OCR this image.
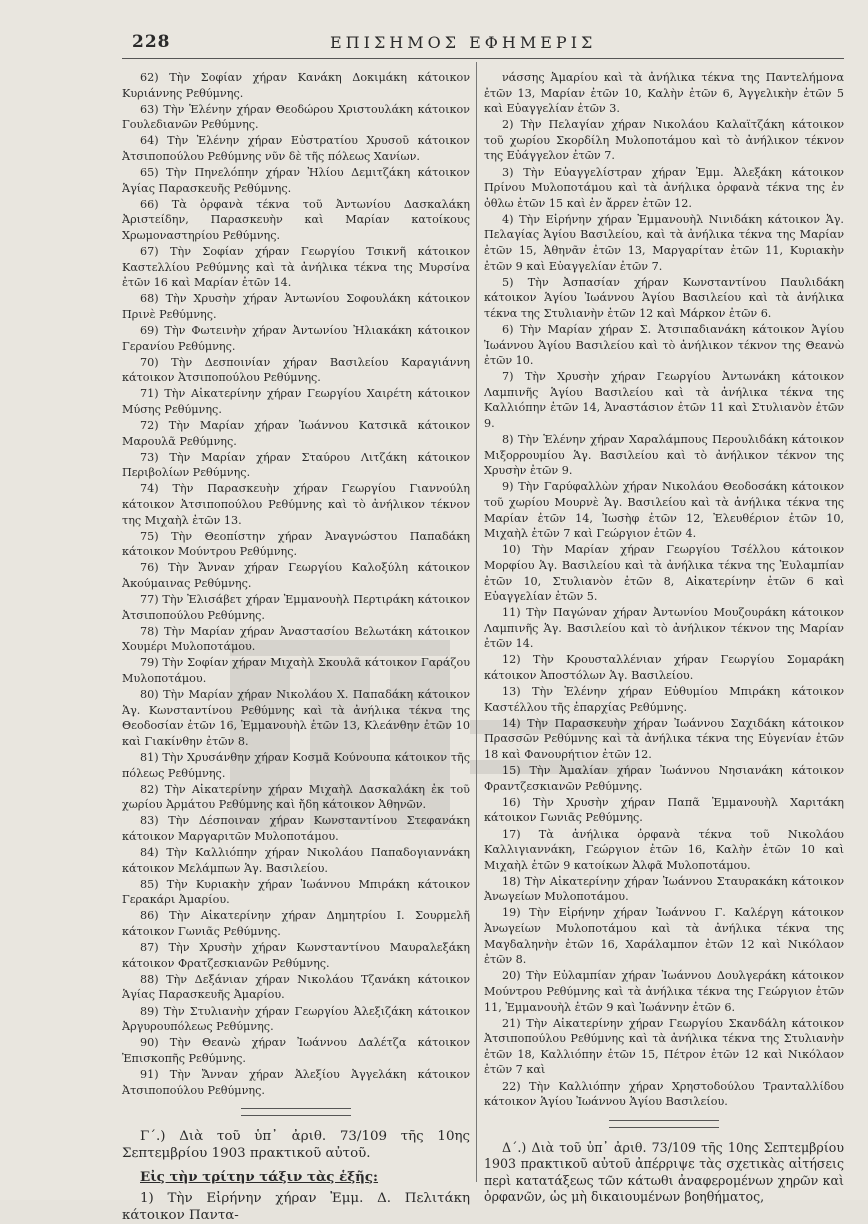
228	ΕΠΙΣΗΜΟΣ ΕΦΗΜΕΡΙΣ

62) Τὴν Σοφίαν χήραν Κανάκη Δοκιμάκη κάτοικον Κυριάννης Ρεθύμνης.

63) Τὴν Ἑλένην χήραν Θεοδώρου Χριστουλάκη κάτοικον Γουλεδιανῶν Ρεθύμνης.

64) Τὴν Ἑλένην χήραν Εὐστρατίου Χρυσοῦ κάτοικον Ἀτσιποπούλου Ρεθύμνης νῦν δὲ τῆς πόλεως Χανίων.

65) Τὴν Πηνελόπην χήραν Ἠλίου Δεμιτζάκη κάτοικον Ἁγίας Παρασκευῆς Ρεθύμνης.

66) Τὰ ὀρφανὰ τέκνα τοῦ Ἀντωνίου Δασκαλάκη Ἀριστείδην, Παρασκευὴν καὶ Μαρίαν κατοίκους Χρωμοναστηρίου Ρεθύμνης.

67) Τὴν Σοφίαν χήραν Γεωργίου Τσικνῆ κάτοικον Καστελλίου Ρεθύμνης καὶ τὰ ἀνήλικα τέκνα της Μυρσίνα ἐτῶν 16 καὶ Μαρίαν ἐτῶν 14.

68) Τὴν Χρυσὴν χήραν Ἀντωνίου Σοφουλάκη κάτοικον Πρινὲ Ρεθύμνης.

69) Τὴν Φωτεινὴν χήραν Ἀντωνίου Ἠλιακάκη κάτοικον Γερανίου Ρεθύμνης.

70) Τὴν Δεσποινίαν χήραν Βασιλείου Καραγιάννη κάτοικον Ἀτσιποπούλου Ρεθύμνης.

71) Τὴν Αἰκατερίνην χήραν Γεωργίου Χαιρέτη κάτοικον Μύσης Ρεθύμνης.

72) Τὴν Μαρίαν χήραν Ἰωάννου Κατσικᾶ κάτοικον Μαρουλᾶ Ρεθύμνης.

73) Τὴν Μαρίαν χήραν Σταύρου Λιτζάκη κάτοικον Περιβολίων Ρεθύμνης.

74) Τὴν Παρασκευὴν χήραν Γεωργίου Γιαννούλη κάτοικον Ἀτσιποπούλου Ρεθύμνης καὶ τὸ ἀνήλικον τέκνον της Μιχαὴλ ἐτῶν 13.

75) Τὴν Θεοπίστην χήραν Ἀναγνώστου Παπαδάκη κάτοικον Μούντρου Ρεθύμνης.

76) Τὴν Ἄνναν χήραν Γεωργίου Καλοξύλη κάτοικον Ἀκούμαινας Ρεθύμνης.

77) Τὴν Ἐλισάβετ χήραν Ἐμμανουὴλ Περτιράκη κάτοικον Ἀτσιποπούλου Ρεθύμνης.

78) Τὴν Μαρίαν χήραν Ἀναστασίου Βελωτάκη κάτοικον Χουμέρι Μυλοποτάμου.

79) Τὴν Σοφίαν χήραν Μιχαὴλ Σκουλᾶ κάτοικον Γαράζου Μυλοποτάμου.

80) Τὴν Μαρίαν χήραν Νικολάου Χ. Παπαδάκη κάτοικον Ἁγ. Κωνσταντίνου Ρεθύμνης καὶ τὰ ἀνήλικα τέκνα της Θεοδοσίαν ἐτῶν 16, Ἐμμανουὴλ ἐτῶν 13, Κλεάνθην ἐτῶν 10 καὶ Γιακίνθην ἐτῶν 8.

81) Τὴν Χρυσάνθην χήραν Κοσμᾶ Κούνουπα κάτοικον τῆς πόλεως Ρεθύμνης.

82) Τὴν Αἰκατερίνην χήραν Μιχαὴλ Δασκαλάκη ἐκ τοῦ χωρίου Ἀρμάτου Ρεθύμνης καὶ ἤδη κάτοικον Ἀθηνῶν.

83) Τὴν Δέσποιναν χήραν Κωνσταντίνου Στεφανάκη κάτοικον Μαργαριτῶν Μυλοποτάμου.

84) Τὴν Καλλιόπην χήραν Νικολάου Παπαδογιαννάκη κάτοικον Μελάμπων Ἁγ. Βασιλείου.

85) Τὴν Κυριακὴν χήραν Ἰωάννου Μπιράκη κάτοικον Γερακάρι Ἀμαρίου.

86) Τὴν Αἰκατερίνην χήραν Δημητρίου Ι. Σουρμελῆ κάτοικον Γωνιᾶς Ρεθύμνης.

87) Τὴν Χρυσὴν χήραν Κωνσταντίνου Μαυραλεξάκη κάτοικον Φρατζεσκιανῶν Ρεθύμνης.

88) Τὴν Δεξάνιαν χήραν Νικολάου Τζανάκη κάτοικον Ἁγίας Παρασκευῆς Ἀμαρίου.

89) Τὴν Στυλιανὴν χήραν Γεωργίου Ἀλεξιζάκη κάτοικον Ἀργυρουπόλεως Ρεθύμνης.

90) Τὴν Θεανὼ χήραν Ἰωάννου Δαλέτζα κάτοικον Ἐπισκοπῆς Ρεθύμνης.

91) Τὴν Ἄνναν χήραν Ἀλεξίου Ἀγγελάκη κάτοικον Ἀτσιποπούλου Ρεθύμνης.

Γ΄.) Διὰ τοῦ ὑπ᾽ ἀριθ. 73/109 τῆς 10ης Σεπτεμβρίου 1903 πρακτικοῦ αὐτοῦ.
Εἰς τὴν τρίτην τάξιν τὰς ἑξῆς:
1) Τὴν Εἰρήνην χήραν Ἐμμ. Δ. Πελιτάκη κάτοικον Παντα-

νάσσης Ἀμαρίου καὶ τὰ ἀνήλικα τέκνα της Παντελήμονα ἐτῶν 13, Μαρίαν ἐτῶν 10, Καλὴν ἐτῶν 6, Ἀγγελικὴν ἐτῶν 5 καὶ Εὐαγγελίαν ἐτῶν 3.

2) Τὴν Πελαγίαν χήραν Νικολάου Καλαϊτζάκη κάτοικον τοῦ χωρίου Σκορδίλη Μυλοποτάμου καὶ τὸ ἀνήλικον τέκνον της Εὐάγγελον ἐτῶν 7.

3) Τὴν Εὐαγγελίστραν χήραν Ἐμμ. Ἀλεξάκη κάτοικον Πρίνου Μυλοποτάμου καὶ τὰ ἀνήλικα ὀρφανὰ τέκνα της ἐν ὀθλω ἐτῶν 15 καὶ ἐν ἄρρεν ἐτῶν 12.

4) Τὴν Εἰρήνην χήραν Ἐμμανουὴλ Νινιδάκη κάτοικον Ἁγ. Πελαγίας Ἁγίου Βασιλείου, καὶ τὰ ἀνήλικα τέκνα της Μαρίαν ἐτῶν 15, Ἀθηνᾶν ἐτῶν 13, Μαργαρίταν ἐτῶν 11, Κυριακὴν ἐτῶν 9 καὶ Εὐαγγελίαν ἐτῶν 7.

5) Τὴν Ἀσπασίαν χήραν Κωνσταντίνου Παυλιδάκη κάτοικον Ἁγίου Ἰωάννου Ἁγίου Βασιλείου καὶ τὰ ἀνήλικα τέκνα της Στυλιανὴν ἐτῶν 12 καὶ Μάρκον ἐτῶν 6.

6) Τὴν Μαρίαν χήραν Σ. Ἀτσιπαδιανάκη κάτοικον Ἁγίου Ἰωάννου Ἁγίου Βασιλείου καὶ τὸ ἀνήλικον τέκνον της Θεανὼ ἐτῶν 10.

7) Τὴν Χρυσὴν χήραν Γεωργίου Ἀντωνάκη κάτοικον Λαμπινῆς Ἁγίου Βασιλείου καὶ τὰ ἀνήλικα τέκνα της Καλλιόπην ἐτῶν 14, Ἀναστάσιον ἐτῶν 11 καὶ Στυλιανὸν ἐτῶν 9.

8) Τὴν Ἑλένην χήραν Χαραλάμπους Περουλιδάκη κάτοικον Μιξορρουμίου Ἁγ. Βασιλείου καὶ τὸ ἀνήλικον τέκνον της Χρυσὴν ἐτῶν 9.

9) Τὴν Γαρύφαλλὼν χήραν Νικολάου Θεοδοσάκη κάτοικον τοῦ χωρίου Μουρνὲ Ἁγ. Βασιλείου καὶ τὰ ἀνήλικα τέκνα της Μαρίαν ἐτῶν 14, Ἰωσὴφ ἐτῶν 12, Ἐλευθέριον ἐτῶν 10, Μιχαὴλ ἐτῶν 7 καὶ Γεώργιον ἐτῶν 4.

10) Τὴν Μαρίαν χήραν Γεωργίου Τσέλλου κάτοικον Μορφίου Ἁγ. Βασιλείου καὶ τὰ ἀνήλικα τέκνα της Ἐυλαμπίαν ἐτῶν 10, Στυλιανὸν ἐτῶν 8, Αἰκατερίνην ἐτῶν 6 καὶ Εὐαγγελίαν ἐτῶν 5.

11) Τὴν Παγώναν χήραν Ἀντωνίου Μουζουράκη κάτοικον Λαμπινῆς Ἁγ. Βασιλείου καὶ τὸ ἀνήλικον τέκνον της Μαρίαν ἐτῶν 14.

12) Τὴν Κρουσταλλένιαν χήραν Γεωργίου Σομαράκη κάτοικον Ἀποστόλων Ἁγ. Βασιλείου.

13) Τὴν Ἑλένην χήραν Εὐθυμίου Μπιράκη κάτοικον Καστέλλου τῆς ἐπαρχίας Ρεθύμνης.

14) Τὴν Παρασκευὴν χήραν Ἰωάννου Σαχιδάκη κάτοικον Πρασσῶν Ρεθύμνης καὶ τὰ ἀνήλικα τέκνα της Εὐγενίαν ἐτῶν 18 καὶ Φανουρήτιον ἐτῶν 12.

15) Τὴν Ἀμαλίαν χήραν Ἰωάννου Νησιανάκη κάτοικον Φραντζεσκιανῶν Ρεθύμνης.

16) Τὴν Χρυσὴν χήραν Παπᾶ Ἐμμανουὴλ Χαριτάκη κάτοικον Γωνιᾶς Ρεθύμνης.

17) Τὰ ἀνήλικα ὀρφανὰ τέκνα τοῦ Νικολάου Καλλιγιαννάκη, Γεώργιον ἐτῶν 16, Καλὴν ἐτῶν 10 καὶ Μιχαὴλ ἐτῶν 9 κατοίκων Ἀλφᾶ Μυλοποτάμου.

18) Τὴν Αἰκατερίνην χήραν Ἰωάννου Σταυρακάκη κάτοικον Ἀνωγείων Μυλοποτάμου.

19) Τὴν Εἰρήνην χήραν Ἰωάννου Γ. Καλέργη κάτοικον Ἀνωγείων Μυλοποτάμου καὶ τὰ ἀνήλικα τέκνα της Μαγδαληνὴν ἐτῶν 16, Χαράλαμπον ἐτῶν 12 καὶ Νικόλαον ἐτῶν 8.

20) Τὴν Εὐλαμπίαν χήραν Ἰωάννου Δουλγεράκη κάτοικον Μούντρου Ρεθύμνης καὶ τὰ ἀνήλικα τέκνα της Γεώργιον ἐτῶν 11, Ἐμμανουὴλ ἐτῶν 9 καὶ Ἰωάννην ἐτῶν 6.

21) Τὴν Αἰκατερίνην χήραν Γεωργίου Σκανδάλη κάτοικον Ἀτσιποπούλου Ρεθύμνης καὶ τὰ ἀνήλικα τέκνα της Στυλιανὴν ἐτῶν 18, Καλλιόπην ἐτῶν 15, Πέτρον ἐτῶν 12 καὶ Νικόλαον ἐτῶν 7 καὶ

22) Τὴν Καλλιόπην χήραν Χρηστοδούλου Τρανταλλίδου κάτοικον Ἁγίου Ἰωάννου Ἁγίου Βασιλείου.

Δ΄.) Διὰ τοῦ ὑπ᾽ ἀριθ. 73/109 τῆς 10ης Σεπτεμβρίου 1903 πρακτικοῦ αὐτοῦ ἀπέρριψε τὰς σχετικὰς αἰτήσεις περὶ κατατάξεως τῶν κάτωθι ἀναφερομένων χηρῶν καὶ ὀρφανῶν, ὡς μὴ δικαιουμένων βοηθήματος,
